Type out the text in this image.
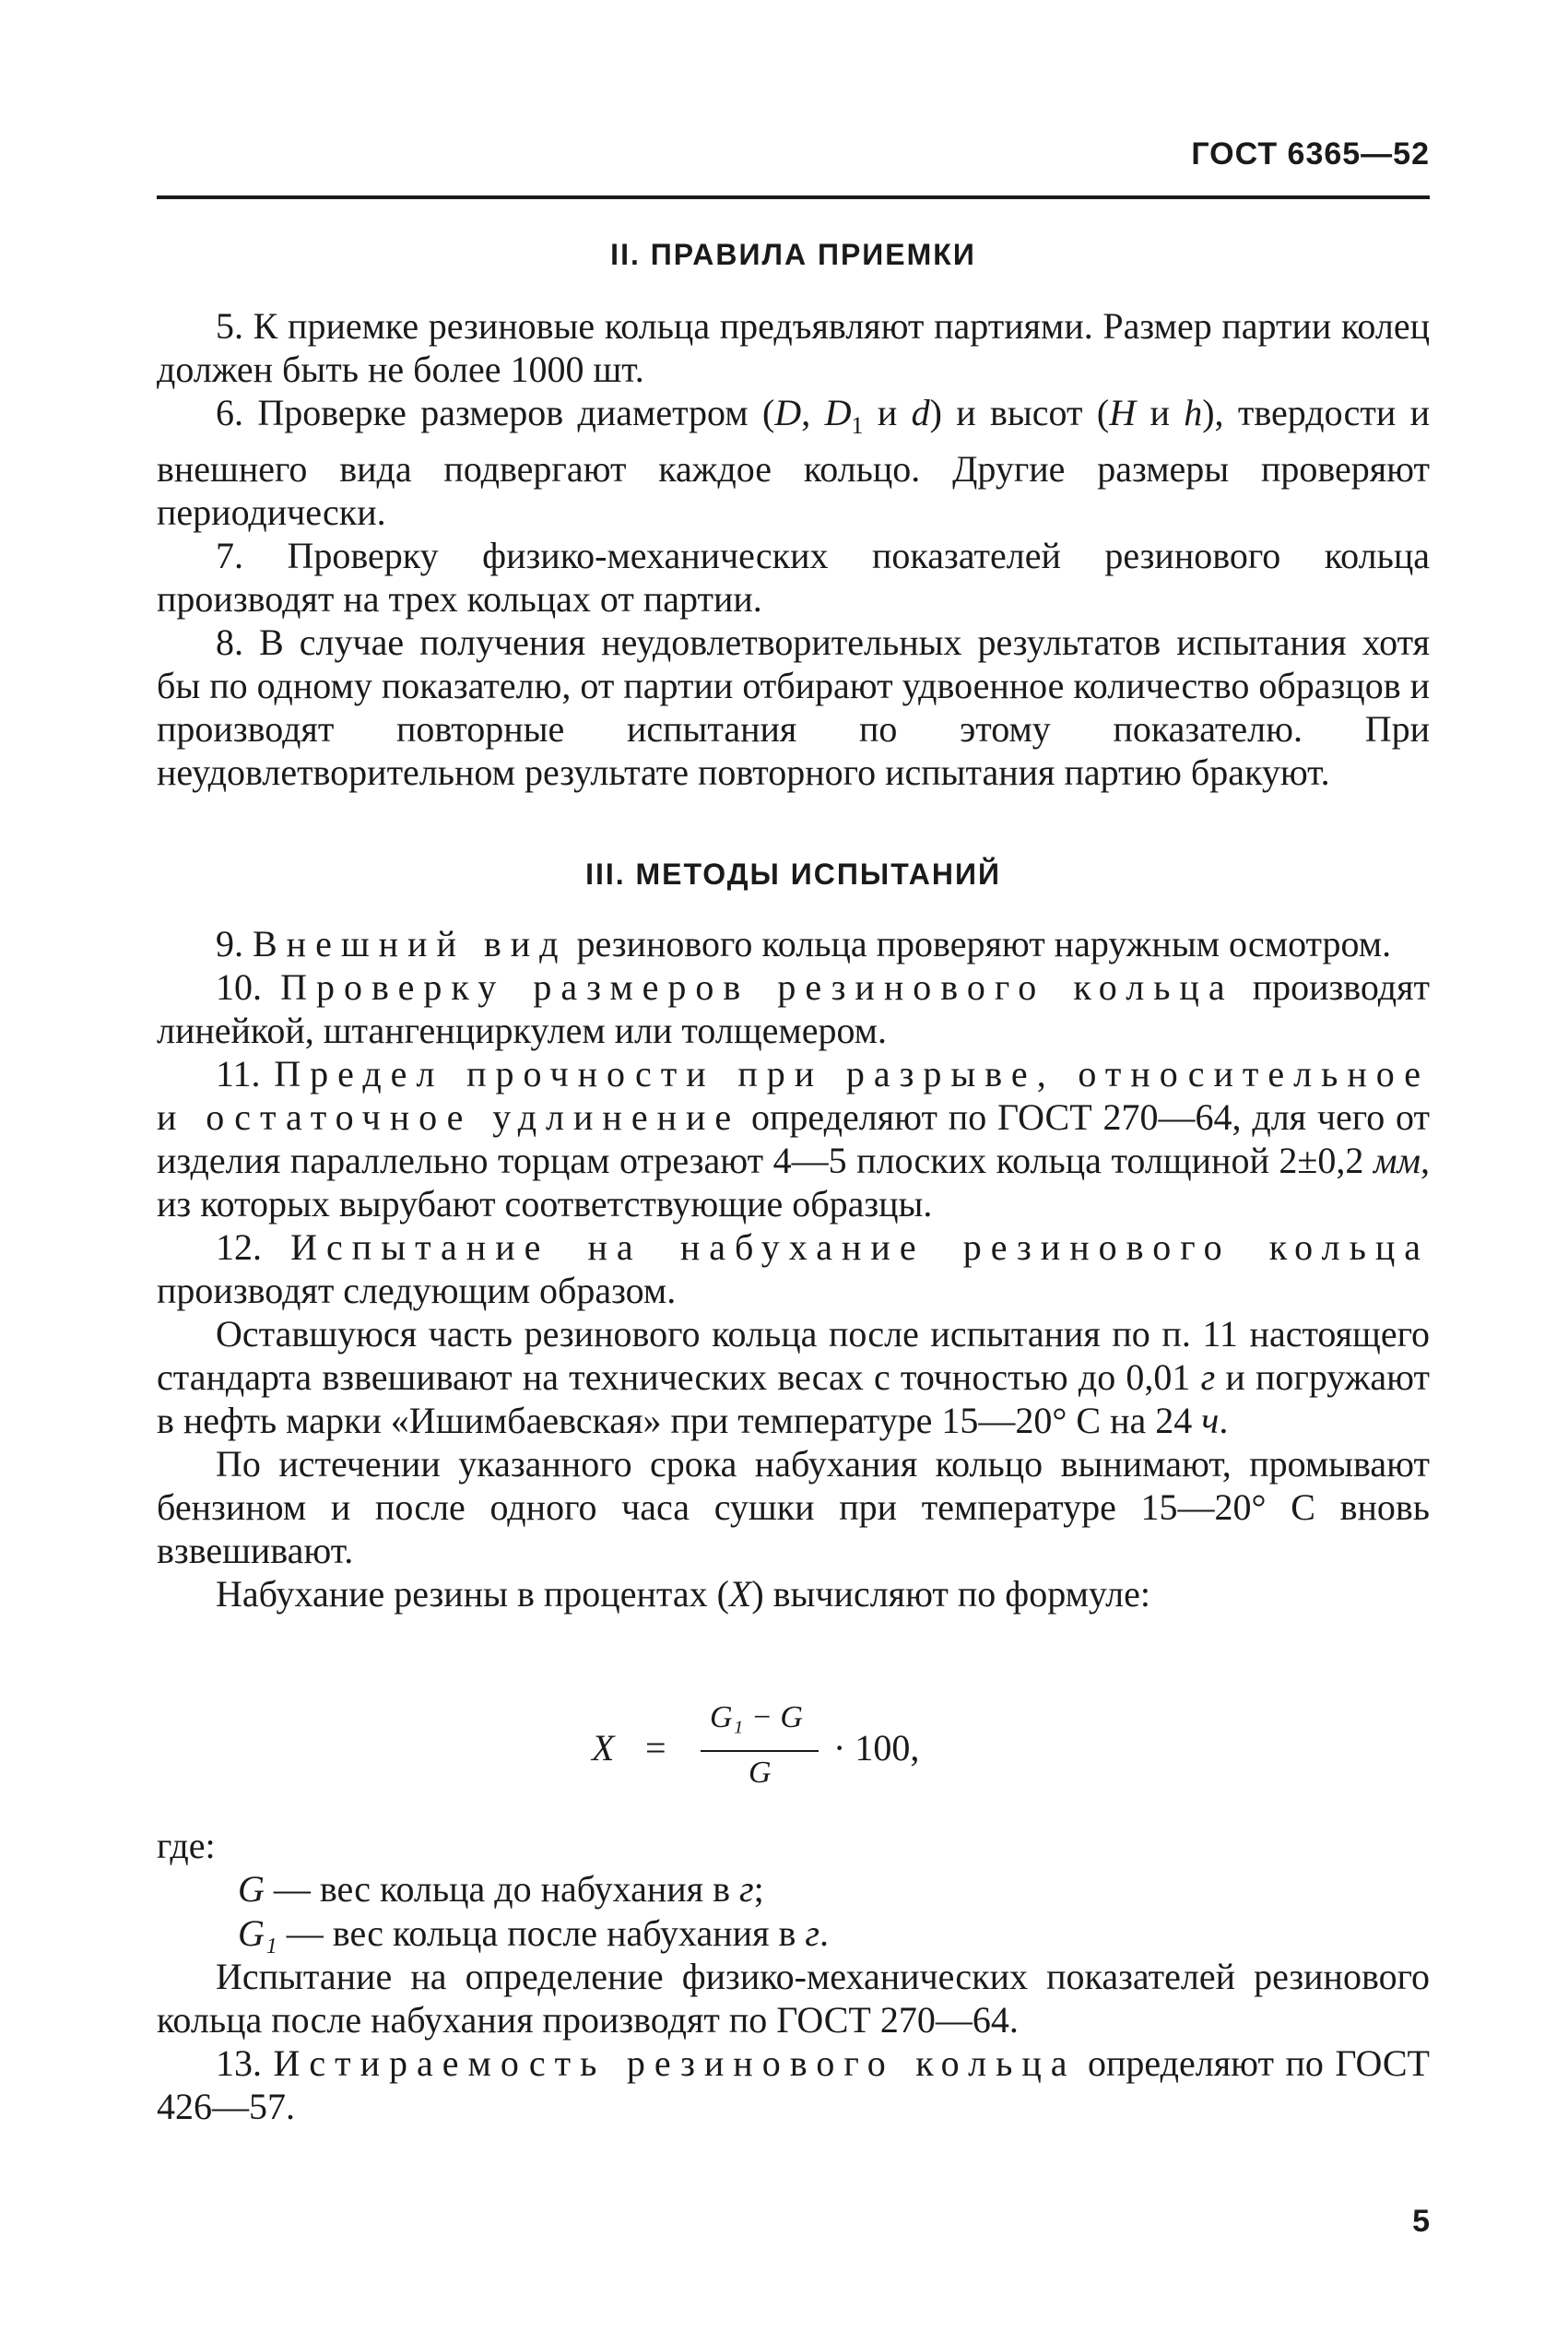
ГОСТ 6365—52
II. ПРАВИЛА ПРИЕМКИ

5. К приемке резиновые кольца предъявляют партиями. Размер партии колец должен быть не более 1000 шт.

6. Проверке размеров диаметром (D, $D_1$ и d) и высот (H и h), твердости и внешнего вида подвергают каждое кольцо. Другие размеры проверяют периодически.

7. Проверку физико-механических показателей резинового кольца производят на трех кольцах от партии.

8. В случае получения неудовлетворительных результатов испытания хотя бы по одному показателю, от партии отбирают удвоенное количество образцов и производят повторные испытания по этому показателю. При неудовлетворительном результате повторного испытания партию бракуют.

III. МЕТОДЫ ИСПЫТАНИЙ

9. Внешний вид резинового кольца проверяют наружным осмотром.

10. Проверку размеров резинового кольца производят линейкой, штангенциркулем или толщемером.

11. Предел прочности при разрыве, относительное и остаточное удлинение определяют по ГОСТ 270—64, для чего от изделия параллельно торцам отрезают 4—5 плоских кольца толщиной 2±0,2 мм, из которых вырубают соответствующие образцы.

12. Испытание на набухание резинового кольца производят следующим образом.

Оставшуюся часть резинового кольца после испытания по п. 11 настоящего стандарта взвешивают на технических весах с точностью до 0,01 г и погружают в нефть марки «Ишимбаевская» при температуре 15—20° С на 24 ч.

По истечении указанного срока набухания кольцо вынимают, промывают бензином и после одного часа сушки при температуре 15—20° С вновь взвешивают.

Набухание резины в процентах (X) вычисляют по формуле:

X =
G₁ − G
G
· 100,
где:
G — вес кольца до набухания в г;
G₁ — вес кольца после набухания в г.

Испытание на определение физико-механических показателей резинового кольца после набухания производят по ГОСТ 270—64.

13. Истираемость резинового кольца определяют по ГОСТ 426—57.

5
